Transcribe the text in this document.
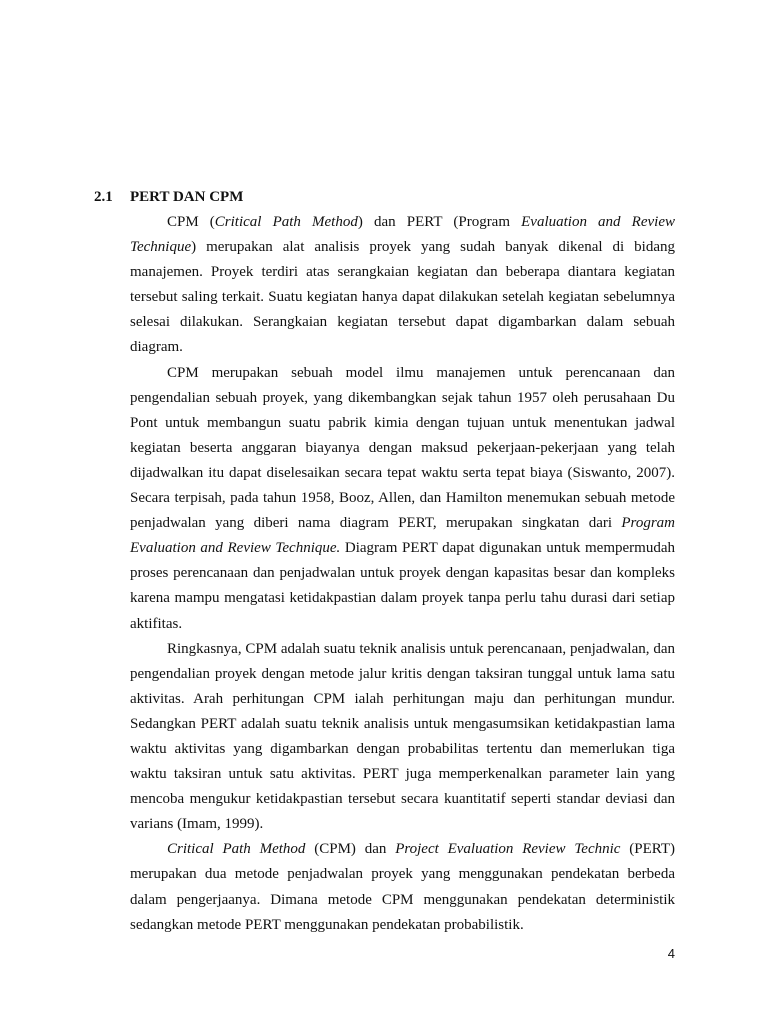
2.1 PERT DAN CPM

CPM (Critical Path Method) dan PERT (Program Evaluation and Review Technique) merupakan alat analisis proyek yang sudah banyak dikenal di bidang manajemen. Proyek terdiri atas serangkaian kegiatan dan beberapa diantara kegiatan tersebut saling terkait. Suatu kegiatan hanya dapat dilakukan setelah kegiatan sebelumnya selesai dilakukan. Serangkaian kegiatan tersebut dapat digambarkan dalam sebuah diagram.

CPM merupakan sebuah model ilmu manajemen untuk perencanaan dan pengendalian sebuah proyek, yang dikembangkan sejak tahun 1957 oleh perusahaan Du Pont untuk membangun suatu pabrik kimia dengan tujuan untuk menentukan jadwal kegiatan beserta anggaran biayanya dengan maksud pekerjaan-pekerjaan yang telah dijadwalkan itu dapat diselesaikan secara tepat waktu serta tepat biaya (Siswanto, 2007). Secara terpisah, pada tahun 1958, Booz, Allen, dan Hamilton menemukan sebuah metode penjadwalan yang diberi nama diagram PERT, merupakan singkatan dari Program Evaluation and Review Technique. Diagram PERT dapat digunakan untuk mempermudah proses perencanaan dan penjadwalan untuk proyek dengan kapasitas besar dan kompleks karena mampu mengatasi ketidakpastian dalam proyek tanpa perlu tahu durasi dari setiap aktifitas.

Ringkasnya, CPM adalah suatu teknik analisis untuk perencanaan, penjadwalan, dan pengendalian proyek dengan metode jalur kritis dengan taksiran tunggal untuk lama satu aktivitas. Arah perhitungan CPM ialah perhitungan maju dan perhitungan mundur. Sedangkan PERT adalah suatu teknik analisis untuk mengasumsikan ketidakpastian lama waktu aktivitas yang digambarkan dengan probabilitas tertentu dan memerlukan tiga waktu taksiran untuk satu aktivitas. PERT juga memperkenalkan parameter lain yang mencoba mengukur ketidakpastian tersebut secara kuantitatif seperti standar deviasi dan varians (Imam, 1999).

Critical Path Method (CPM) dan Project Evaluation Review Technic (PERT) merupakan dua metode penjadwalan proyek yang menggunakan pendekatan berbeda dalam pengerjaanya. Dimana metode CPM menggunakan pendekatan deterministik sedangkan metode PERT menggunakan pendekatan probabilistik.

4
